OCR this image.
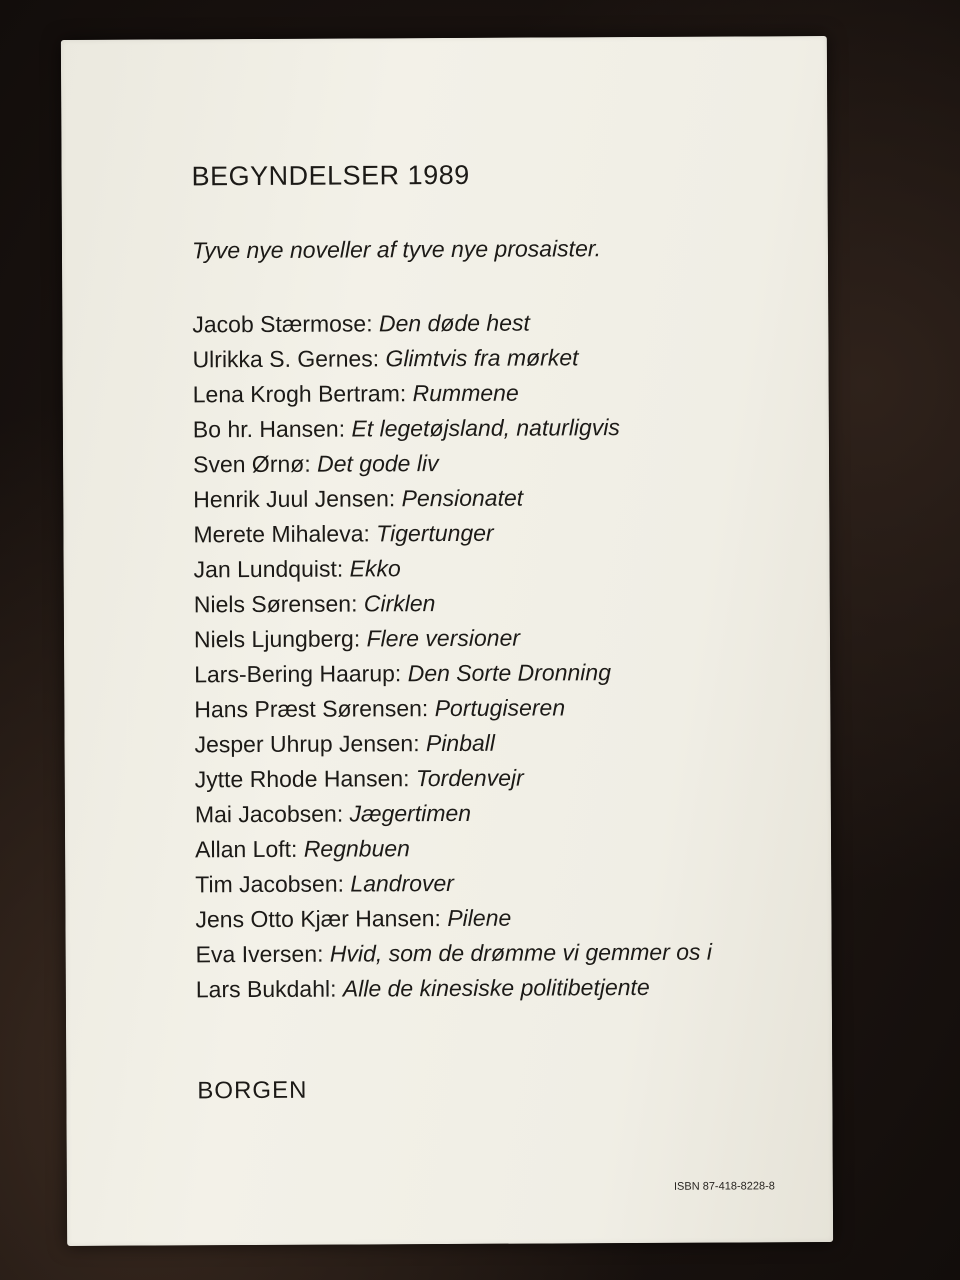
BEGYNDELSER 1989

Tyve nye noveller af tyve nye prosaister.

Jacob Stærmose: Den døde hest
Ulrikka S. Gernes: Glimtvis fra mørket
Lena Krogh Bertram: Rummene
Bo hr. Hansen: Et legetøjsland, naturligvis
Sven Ørnø: Det gode liv
Henrik Juul Jensen: Pensionatet
Merete Mihaleva: Tigertunger
Jan Lundquist: Ekko
Niels Sørensen: Cirklen
Niels Ljungberg: Flere versioner
Lars-Bering Haarup: Den Sorte Dronning
Hans Præst Sørensen: Portugiseren
Jesper Uhrup Jensen: Pinball
Jytte Rhode Hansen: Tordenvejr
Mai Jacobsen: Jægertimen
Allan Loft: Regnbuen
Tim Jacobsen: Landrover
Jens Otto Kjær Hansen: Pilene
Eva Iversen: Hvid, som de drømme vi gemmer os i
Lars Bukdahl: Alle de kinesiske politibetjente

BORGEN

ISBN 87-418-8228-8
